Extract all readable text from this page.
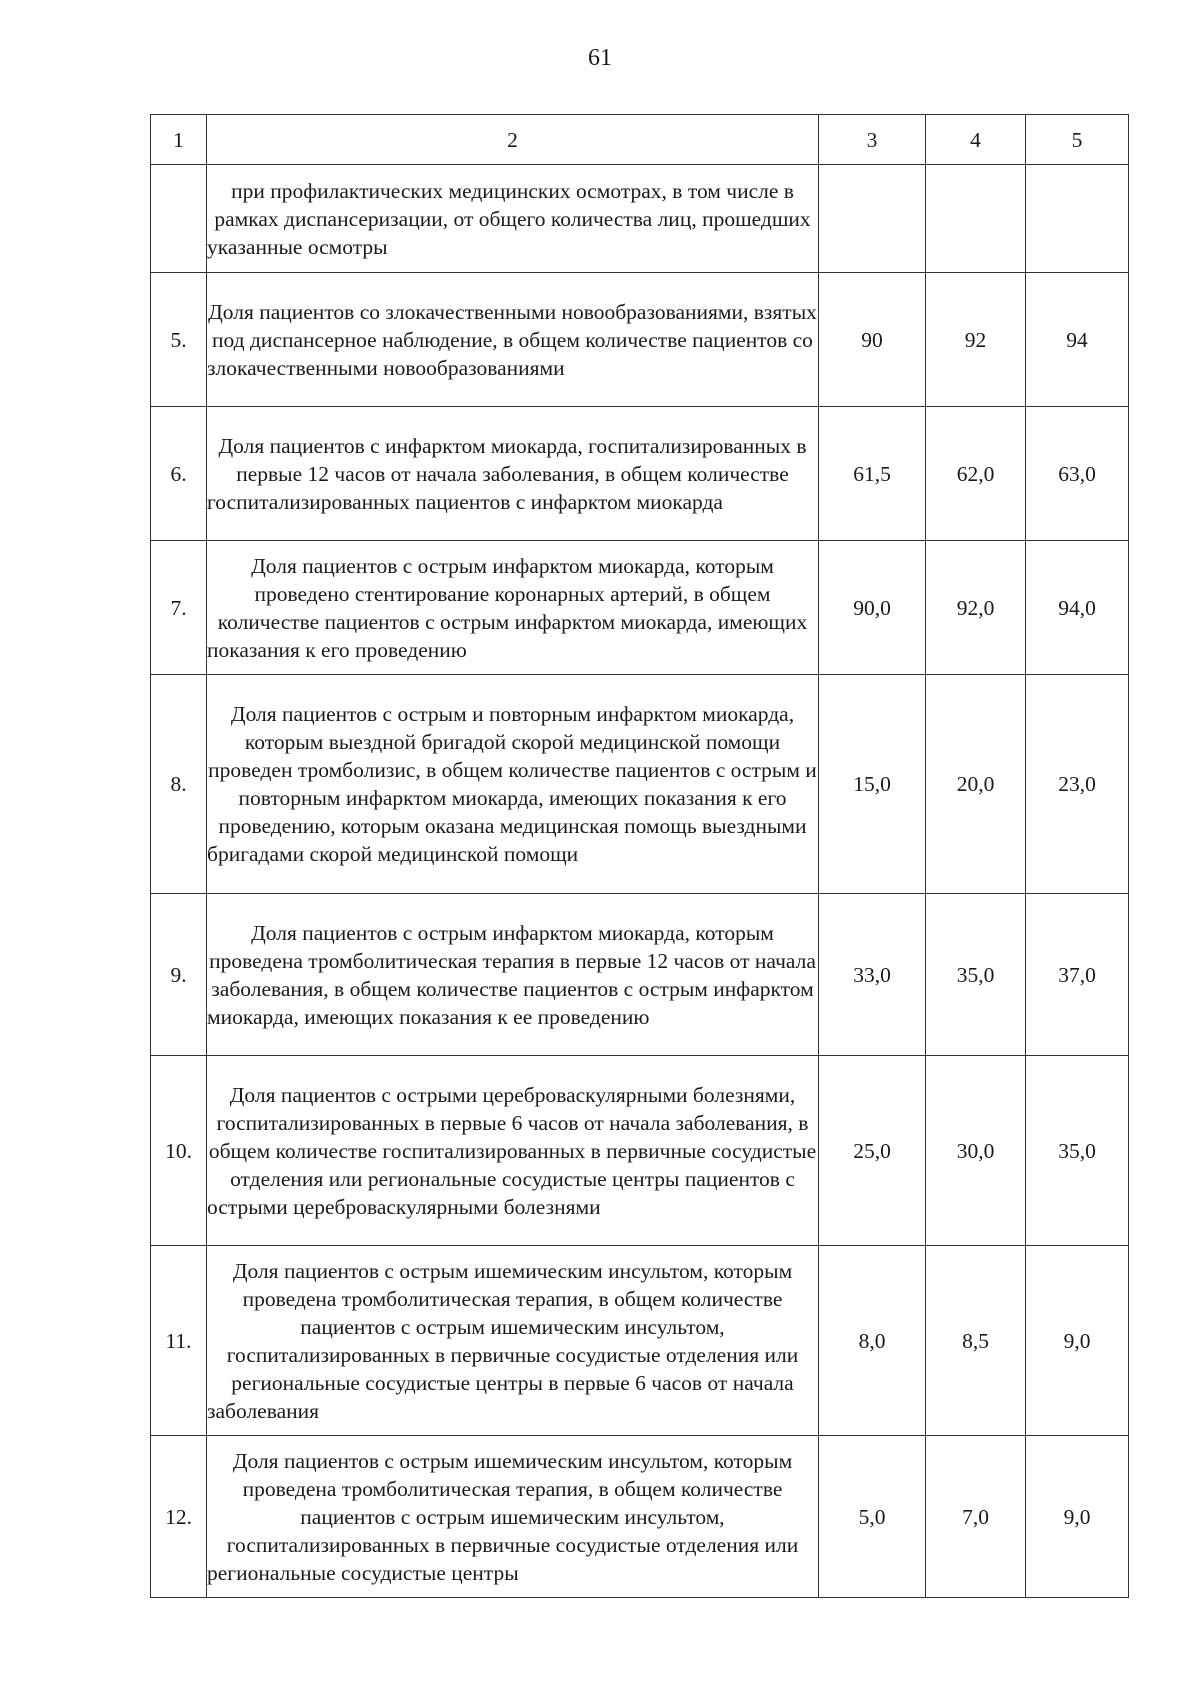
61
1	2	3	4	5
	при профилактических медицинских осмотрах, в том числе в рамках диспансеризации, от общего количества лиц, прошедших указанные осмотры			
5.	Доля пациентов со злокачественными новообразованиями, взятых под диспансерное наблюдение, в общем количестве пациентов со злокачественными новообразованиями	90	92	94
6.	Доля пациентов с инфарктом миокарда, госпитализированных в первые 12 часов от начала заболевания, в общем количестве госпитализированных пациентов с инфарктом миокарда	61,5	62,0	63,0
7.	Доля пациентов с острым инфарктом миокарда, которым проведено стентирование коронарных артерий, в общем количестве пациентов с острым инфарктом миокарда, имеющих показания к его проведению	90,0	92,0	94,0
8.	Доля пациентов с острым и повторным инфарктом миокарда, которым выездной бригадой скорой медицинской помощи проведен тромболизис, в общем количестве пациентов с острым и повторным инфарктом миокарда, имеющих показания к его проведению, которым оказана медицинская помощь выездными бригадами скорой медицинской помощи	15,0	20,0	23,0
9.	Доля пациентов с острым инфарктом миокарда, которым проведена тромболитическая терапия в первые 12 часов от начала заболевания, в общем количестве пациентов с острым инфарктом миокарда, имеющих показания к ее проведению	33,0	35,0	37,0
10.	Доля пациентов с острыми цереброваскулярными болезнями, госпитализированных в первые 6 часов от начала заболевания, в общем количестве госпитализированных в первичные сосудистые отделения или региональные сосудистые центры пациентов с острыми цереброваскулярными болезнями	25,0	30,0	35,0
11.	Доля пациентов с острым ишемическим инсультом, которым проведена тромболитическая терапия, в общем количестве пациентов с острым ишемическим инсультом, госпитализированных в первичные сосудистые отделения или региональные сосудистые центры в первые 6 часов от начала заболевания	8,0	8,5	9,0
12.	Доля пациентов с острым ишемическим инсультом, которым проведена тромболитическая терапия, в общем количестве пациентов с острым ишемическим инсультом, госпитализированных в первичные сосудистые отделения или региональные сосудистые центры	5,0	7,0	9,0
